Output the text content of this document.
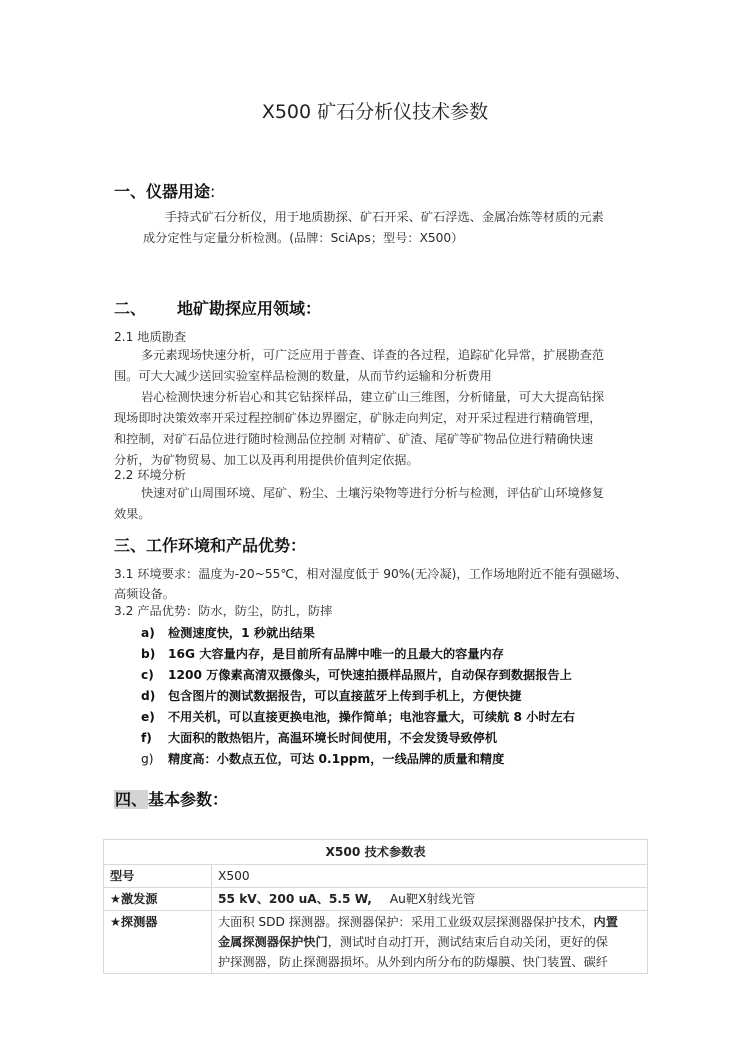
X500 矿石分析仪技术参数
一、仪器用途:
手持式矿石分析仪，用于地质勘探、矿石开采、矿石浮选、金属冶炼等材质的元素
成分定性与定量分析检测。(品牌：SciAps；型号：X500）
二、 地矿勘探应用领域：
2.1 地质勘查
多元素现场快速分析，可广泛应用于普查、详查的各过程，追踪矿化异常，扩展勘查范
围。可大大减少送回实验室样品检测的数量，从而节约运输和分析费用
岩心检测快速分析岩心和其它钻探样品，建立矿山三维图，分析储量，可大大提高钻探
现场即时决策效率开采过程控制矿体边界圈定，矿脉走向判定，对开采过程进行精确管理，
和控制，对矿石品位进行随时检测品位控制 对精矿、矿渣、尾矿等矿物品位进行精确快速
分析，为矿物贸易、加工以及再利用提供价值判定依据。
2.2 环境分析
快速对矿山周围环境、尾矿、粉尘、土壤污染物等进行分析与检测，评估矿山环境修复
效果。
三、工作环境和产品优势：
3.1 环境要求：温度为-20~55℃，相对湿度低于 90%(无冷凝)，工作场地附近不能有强磁场、
高频设备。
3.2 产品优势：防水，防尘，防扎，防摔
a) 检测速度快，1 秒就出结果
b) 16G 大容量内存，是目前所有品牌中唯一的且最大的容量内存
c) 1200 万像素高清双摄像头，可快速拍摄样品照片，自动保存到数据报告上
d) 包含图片的测试数据报告，可以直接蓝牙上传到手机上，方便快捷
e) 不用关机，可以直接更换电池，操作简单；电池容量大，可续航 8 小时左右
f) 大面积的散热铝片，高温环境长时间使用，不会发烫导致停机
g) 精度高：小数点五位，可达 0.1ppm，一线品牌的质量和精度
四、基本参数：
X500 技术参数表	
型号	X500
★激发源	55 kV、200 uA、5.5 W, Au靶X射线光管
★探测器	大面积 SDD 探测器。探测器保护：采用工业级双层探测器保护技术，内置
金属探测器保护快门，测试时自动打开，测试结束后自动关闭，更好的保
护探测器，防止探测器损坏。从外到内所分布的防爆膜、快门装置、碳纤
